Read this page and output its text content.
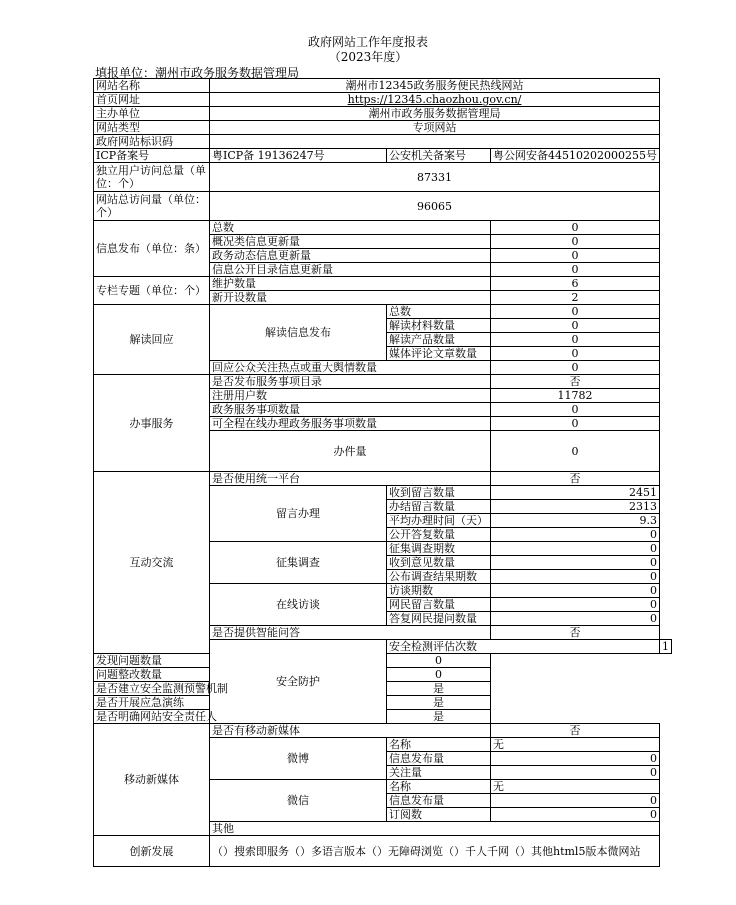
政府网站工作年度报表
（2023年度）
填报单位：潮州市政务服务数据管理局
网站名称	潮州市12345政务服务便民热线网站			
首页网址	https://12345.chaozhou.gov.cn/			
主办单位	潮州市政务服务数据管理局			
网站类型	专项网站			
政府网站标识码				
ICP备案号	粤ICP备 19136247号	公安机关备案号	粤公网安备44510202000255号	
独立用户访问总量（单位：个）	87331			
网站总访问量（单位：个）	96065			
信息发布（单位：条）	总数		0	
	概况类信息更新量		0	
	政务动态信息更新量		0	
	信息公开目录信息更新量		0	
专栏专题（单位：个）	维护数量		6	
	新开设数量		2	
解读回应	解读信息发布	总数	0	
		解读材料数量	0	
		解读产品数量	0	
		媒体评论文章数量	0	
	回应公众关注热点或重大舆情数量		0	
办事服务	是否发布服务事项目录		否	
	注册用户数		11782	
	政务服务事项数量		0	
	可全程在线办理政务服务事项数量		0	
	办件量		0	
互动交流	是否使用统一平台		否	
	留言办理	收到留言数量	2451	
		办结留言数量	2313	
		平均办理时间（天）	9.3	
		公开答复数量	0	
	征集调查	征集调查期数	0	
		收到意见数量	0	
		公布调查结果期数	0	
	在线访谈	访谈期数	0	
		网民留言数量	0	
		答复网民提问数量	0	
	是否提供智能问答		否	
	安全防护	安全检测评估次数		1
发现问题数量		0		
问题整改数量		0		
是否建立安全监测预警机制		是		
是否开展应急演练		是		
是否明确网站安全责任人		是		
移动新媒体	是否有移动新媒体		否	
	微博	名称	无	
		信息发布量	0	
		关注量	0	
	微信	名称	无	
		信息发布量	0	
		订阅数	0	
	其他			
创新发展	（）搜索即服务（）多语言版本（）无障碍浏览（）千人千网（）其他html5版本微网站			
